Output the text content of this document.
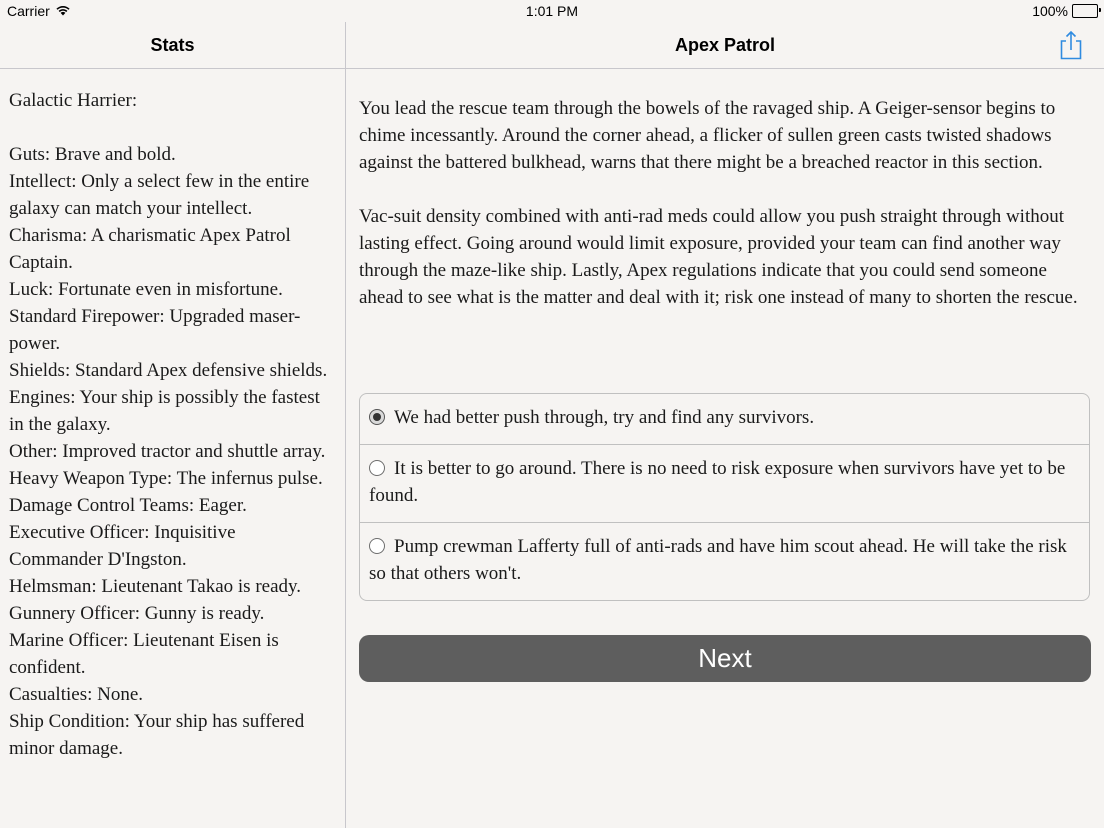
Carrier	1:01 PM	100%
Stats	Apex Patrol
Galactic Harrier:
Guts: Brave and bold.
Intellect: Only a select few in the entire galaxy can match your intellect.
Charisma: A charismatic Apex Patrol Captain.
Luck: Fortunate even in misfortune.
Standard Firepower: Upgraded maser-power.
Shields: Standard Apex defensive shields.
Engines: Your ship is possibly the fastest in the galaxy.
Other: Improved tractor and shuttle array.
Heavy Weapon Type: The infernus pulse.
Damage Control Teams: Eager.
Executive Officer: Inquisitive Commander D'Ingston.
Helmsman: Lieutenant Takao is ready.
Gunnery Officer: Gunny is ready.
Marine Officer: Lieutenant Eisen is confident.
Casualties: None.
Ship Condition: Your ship has suffered minor damage.

You lead the rescue team through the bowels of the ravaged ship. A Geiger-sensor begins to chime incessantly. Around the corner ahead, a flicker of sullen green casts twisted shadows against the battered bulkhead, warns that there might be a breached reactor in this section.

Vac-suit density combined with anti-rad meds could allow you push straight through without lasting effect. Going around would limit exposure, provided your team can find another way through the maze-like ship. Lastly, Apex regulations indicate that you could send someone ahead to see what is the matter and deal with it; risk one instead of many to shorten the rescue.

We had better push through, try and find any survivors.
It is better to go around. There is no need to risk exposure when survivors have yet to be found.
Pump crewman Lafferty full of anti-rads and have him scout ahead. He will take the risk so that others won't.
Next
